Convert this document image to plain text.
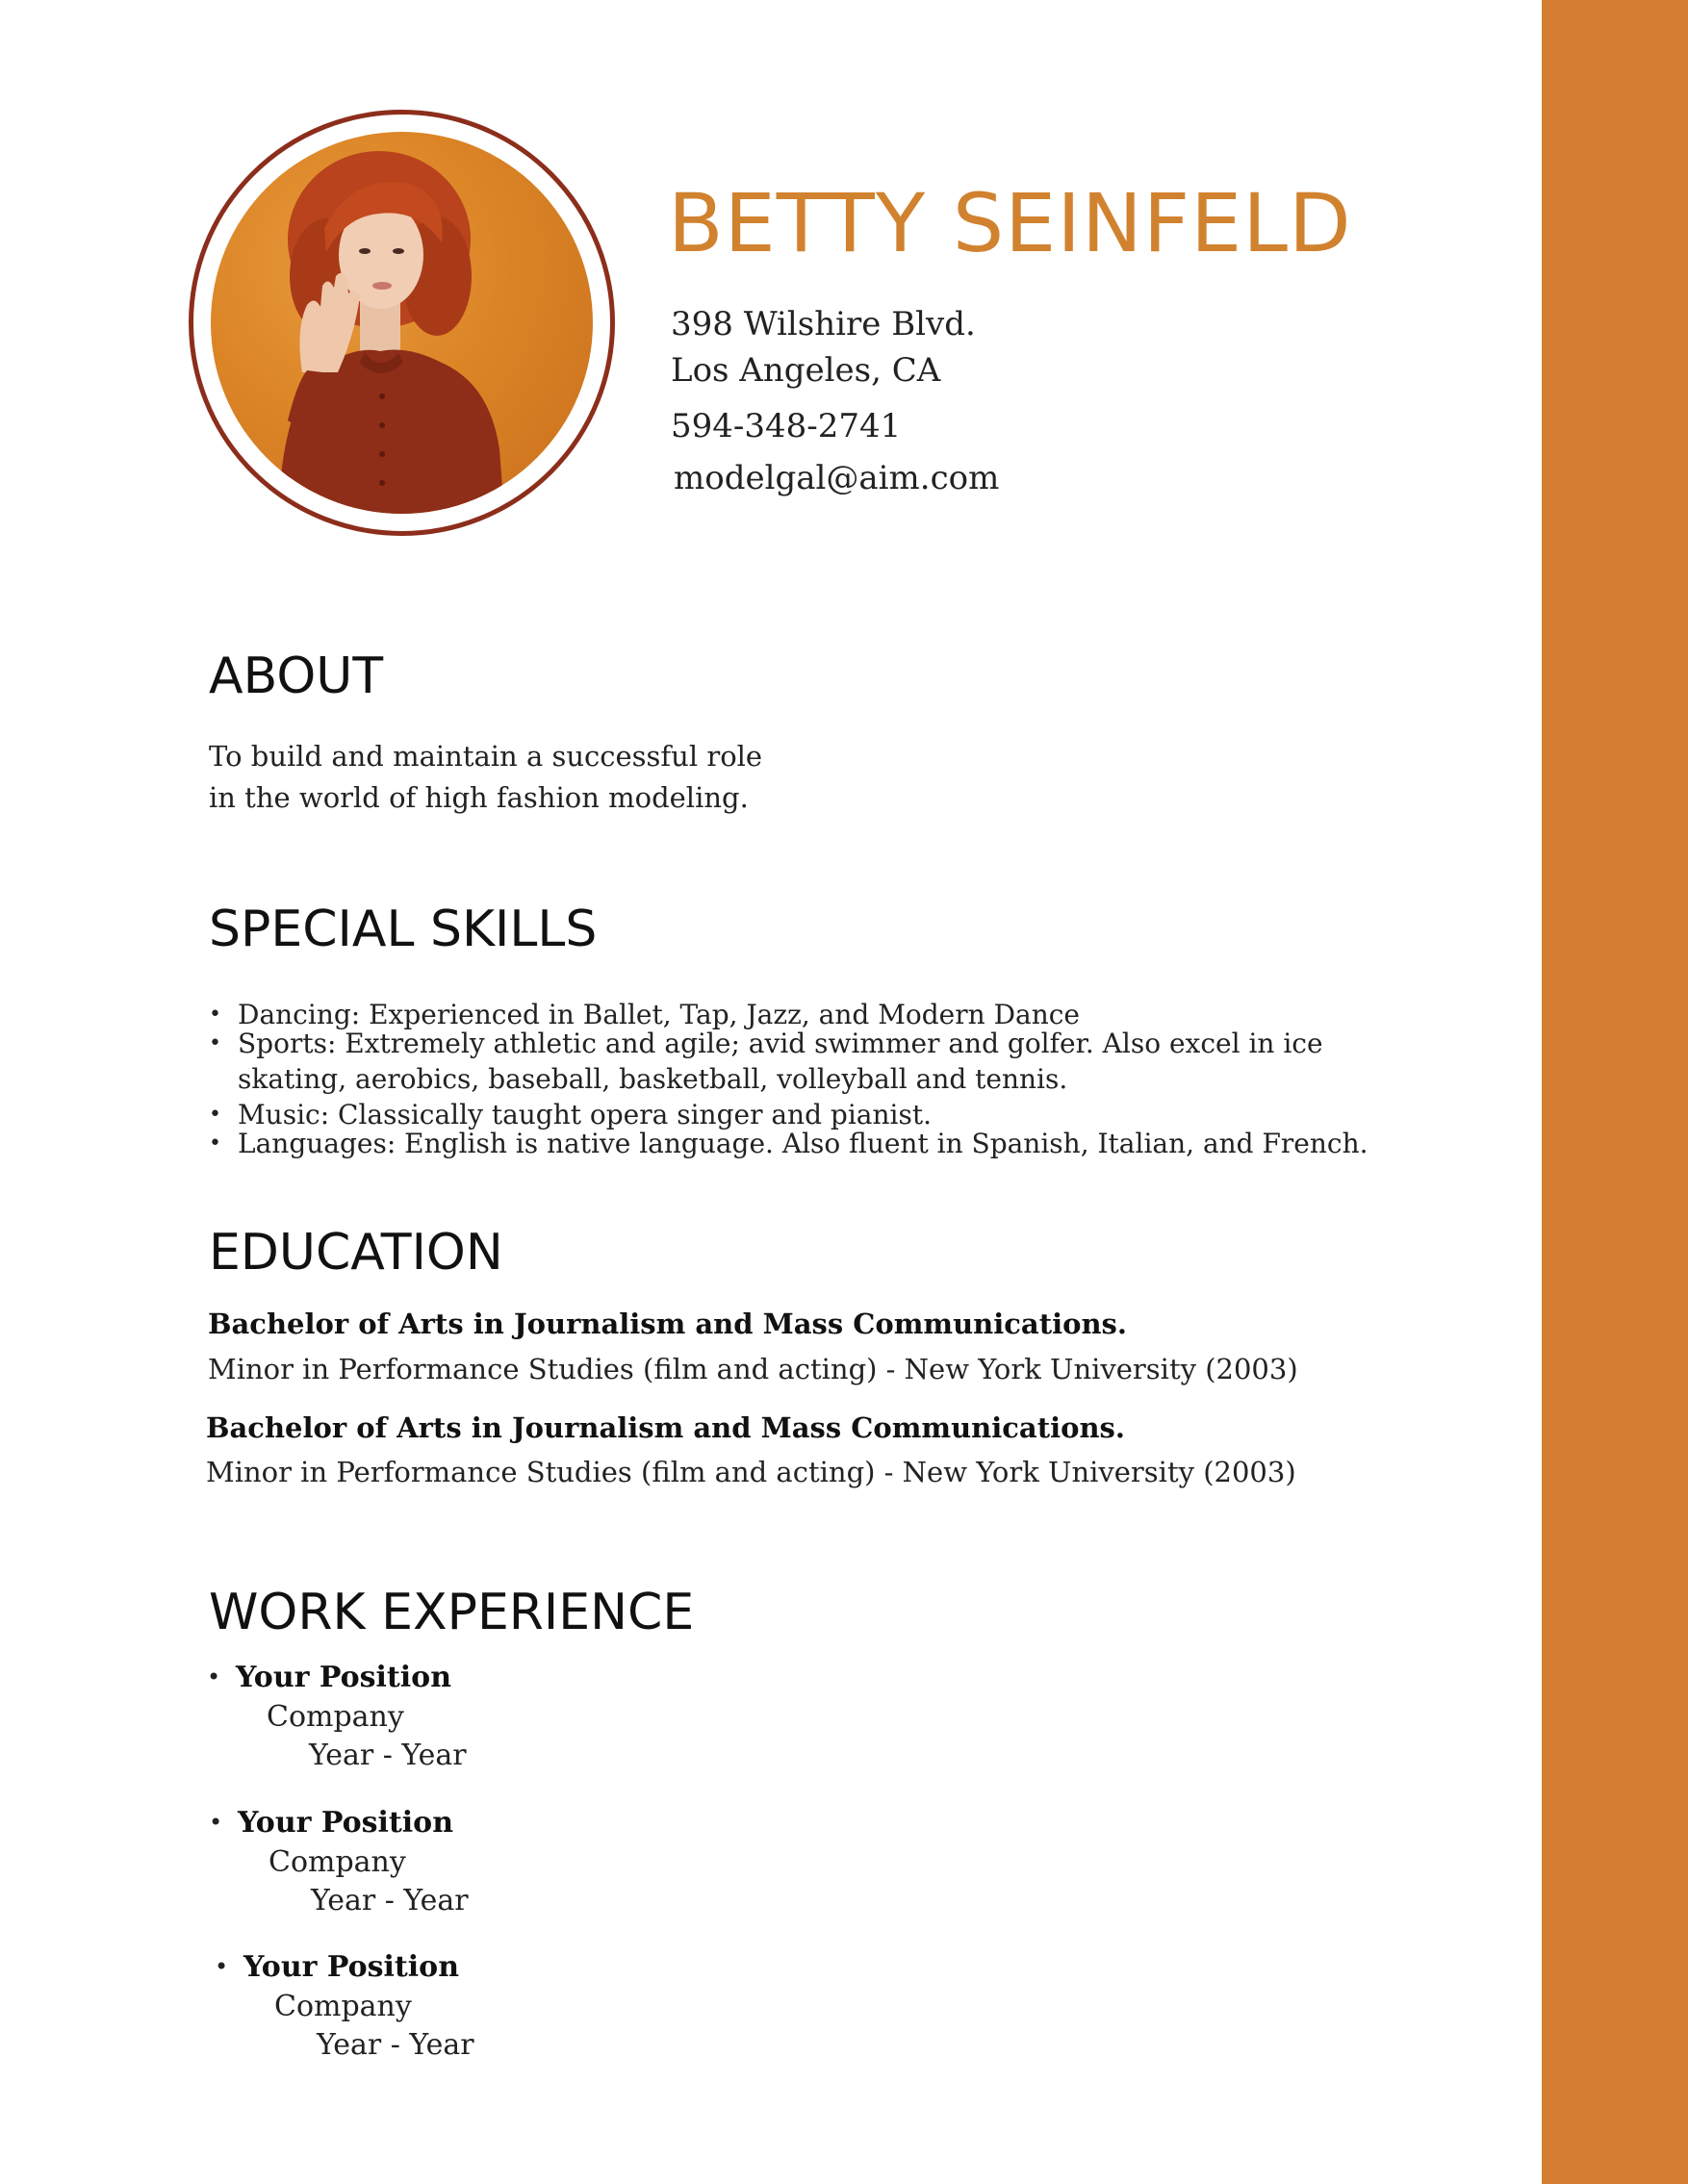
BETTY SEINFELD
398 Wilshire Blvd.
Los Angeles, CA
594-348-2741
modelgal@aim.com
ABOUT
To build and maintain a successful role
in the world of high fashion modeling.
SPECIAL SKILLS
• Dancing: Experienced in Ballet, Tap, Jazz, and Modern Dance
• Sports: Extremely athletic and agile; avid swimmer and golfer. Also excel in ice
skating, aerobics, baseball, basketball, volleyball and tennis.
• Music: Classically taught opera singer and pianist.
• Languages: English is native language. Also fluent in Spanish, Italian, and French.
EDUCATION
Bachelor of Arts in Journalism and Mass Communications.
Minor in Performance Studies (film and acting) - New York University (2003)
Bachelor of Arts in Journalism and Mass Communications.
Minor in Performance Studies (film and acting) - New York University (2003)
WORK EXPERIENCE
• Your Position
Company
Year - Year
• Your Position
Company
Year - Year
• Your Position
Company
Year - Year
